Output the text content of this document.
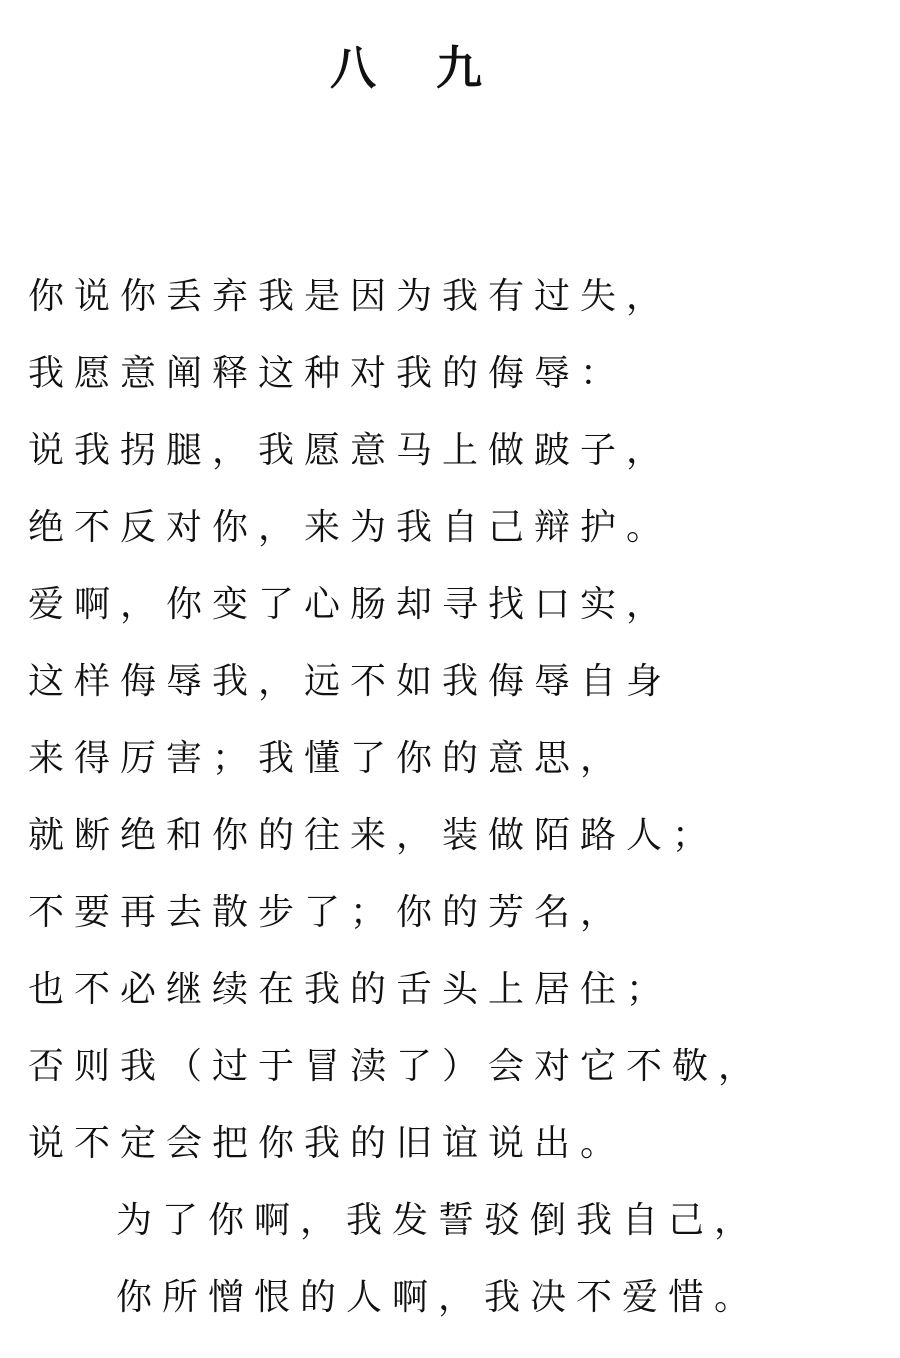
八 九
你说你丢弃我是因为我有过失，
我愿意阐释这种对我的侮辱：
说我拐腿，我愿意马上做跛子，
绝不反对你，来为我自己辩护。
爱啊，你变了心肠却寻找口实，
这样侮辱我，远不如我侮辱自身
来得厉害；我懂了你的意思，
就断绝和你的往来，装做陌路人；
不要再去散步了；你的芳名，
也不必继续在我的舌头上居住；
否则我（过于冒渎了）会对它不敬，
说不定会把你我的旧谊说出。
为了你啊，我发誓驳倒我自己，
你所憎恨的人啊，我决不爱惜。
